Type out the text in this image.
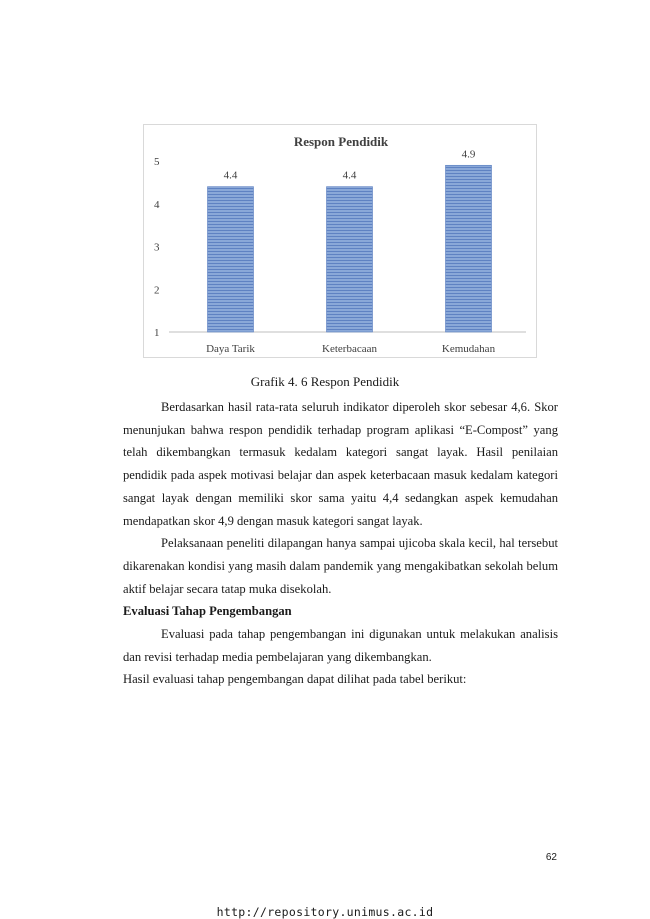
Respon Pendidik
1
2
3
4
5
4.4	4.4
4.9
Daya Tarik	Keterbacaan	Kemudahan
Grafik 4. 6 Respon Pendidik

Berdasarkan hasil rata-rata seluruh indikator diperoleh skor sebesar 4,6. Skor menunjukan bahwa respon pendidik terhadap program aplikasi “E-Compost” yang telah dikembangkan termasuk kedalam kategori sangat layak. Hasil penilaian pendidik pada aspek motivasi belajar dan aspek keterbacaan masuk kedalam kategori sangat layak dengan memiliki skor sama yaitu 4,4 sedangkan aspek kemudahan mendapatkan skor 4,9 dengan masuk kategori sangat layak.

Pelaksanaan peneliti dilapangan hanya sampai ujicoba skala kecil, hal tersebut dikarenakan kondisi yang masih dalam pandemik yang mengakibatkan sekolah belum aktif belajar secara tatap muka disekolah.

Evaluasi Tahap Pengembangan

Evaluasi pada tahap pengembangan ini digunakan untuk melakukan analisis dan revisi terhadap media pembelajaran yang dikembangkan.

Hasil evaluasi tahap pengembangan dapat dilihat pada tabel berikut:

62
http://repository.unimus.ac.id
